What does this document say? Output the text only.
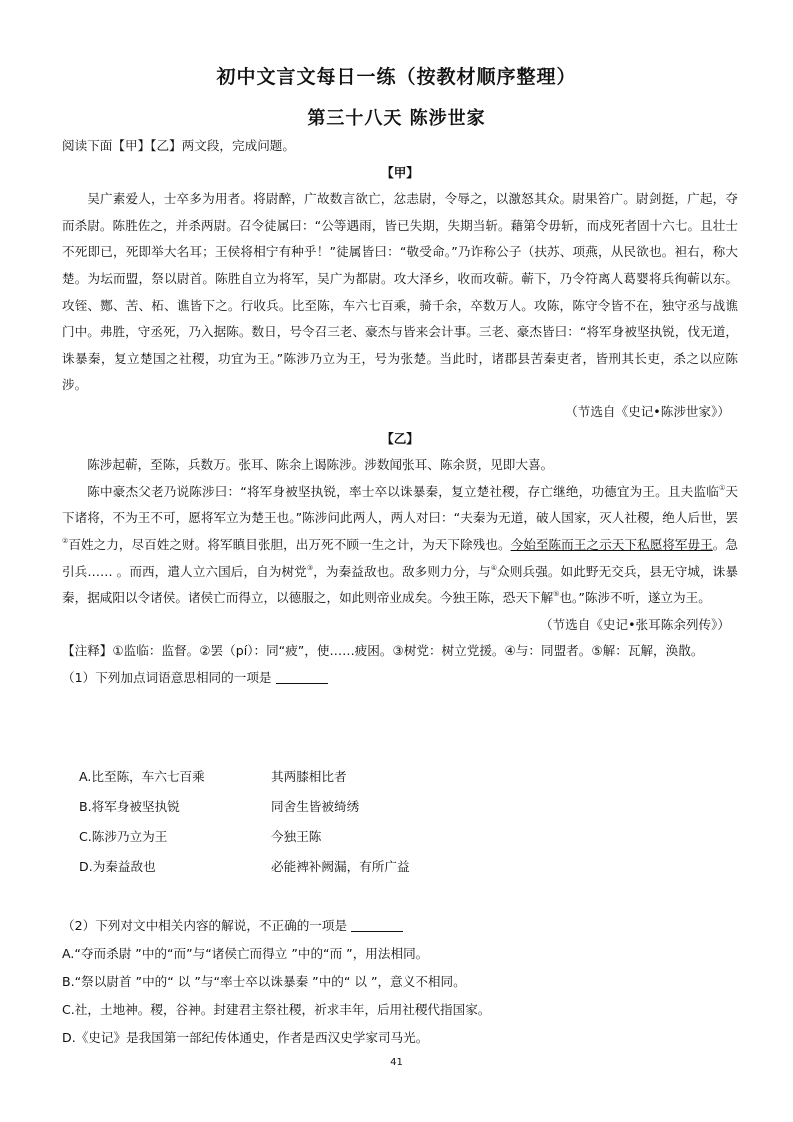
初中文言文每日一练（按教材顺序整理）
第三十八天 陈涉世家

阅读下面【甲】【乙】两文段，完成问题。

【甲】

吴广素爱人，士卒多为用者。将尉醉，广故数言欲亡，忿恚尉，令辱之，以激怒其众。尉果笞广。尉剑挺，广起，夺而杀尉。陈胜佐之，并杀两尉。召令徒属曰：“公等遇雨，皆已失期，失期当斩。藉第令毋斩，而戍死者固十六七。且壮士不死即已，死即举大名耳；王侯将相宁有种乎！”徒属皆曰：“敬受命。”乃诈称公子（扶苏、项燕，从民欲也。袒右，称大楚。为坛而盟，祭以尉首。陈胜自立为将军，吴广为都尉。攻大泽乡，收而攻蕲。蕲下，乃令符离人葛婴将兵徇蕲以东。攻铚、酂、苦、柘、谯皆下之。行收兵。比至陈，车六七百乘，骑千余，卒数万人。攻陈，陈守令皆不在，独守丞与战谯门中。弗胜，守丞死，乃入据陈。数日，号令召三老、豪杰与皆来会计事。三老、豪杰皆曰：“将军身被坚执锐，伐无道，诛暴秦，复立楚国之社稷，功宜为王。”陈涉乃立为王，号为张楚。当此时，诸郡县苦秦吏者，皆刑其长吏，杀之以应陈涉。

（节选自《史记•陈涉世家》）
【乙】

陈涉起蕲，至陈，兵数万。张耳、陈余上谒陈涉。涉数闻张耳、陈余贤，见即大喜。

陈中豪杰父老乃说陈涉曰：“将军身被坚执锐，率士卒以诛暴秦，复立楚社稷，存亡继绝，功德宜为王。且夫监临①天下诸将，不为王不可，愿将军立为楚王也。”陈涉问此两人，两人对曰：“夫秦为无道，破人国家，灭人社稷，绝人后世，罢②百姓之力，尽百姓之财。将军瞋目张胆，出万死不顾一生之计，为天下除残也。今始至陈而王之示天下私愿将军毋王。急引兵…… 。而西，遣人立六国后，自为树党③，为秦益敌也。敌多则力分，与④众则兵强。如此野无交兵，县无守城，诛暴秦，据咸阳以令诸侯。诸侯亡而得立，以德服之，如此则帝业成矣。今独王陈，恐天下解⑤也。”陈涉不听，遂立为王。

（节选自《史记•张耳陈余列传》）

【注释】①监临：监督。②罢（pí）：同“疲”，使……疲困。③树党：树立党援。④与：同盟者。⑤解：瓦解，涣散。

（1）下列加点词语意思相同的一项是

A.比至陈，车六七百乘	其两膝相比者
B.将军身被坚执锐	同舍生皆被绮绣
C.陈涉乃立为王	今独王陈
D.为秦益敌也	必能裨补阙漏，有所广益

（2）下列对文中相关内容的解说，不正确的一项是

A.“夺而杀尉 ”中的“而”与“诸侯亡而得立 ”中的“而 ”，用法相同。

B.“祭以尉首 ”中的“ 以 ”与“率士卒以诛暴秦 ”中的“ 以 ”，意义不相同。

C.社，土地神。稷，谷神。封建君主祭社稷，祈求丰年，后用社稷代指国家。

D.《史记》是我国第一部纪传体通史，作者是西汉史学家司马光。

41
